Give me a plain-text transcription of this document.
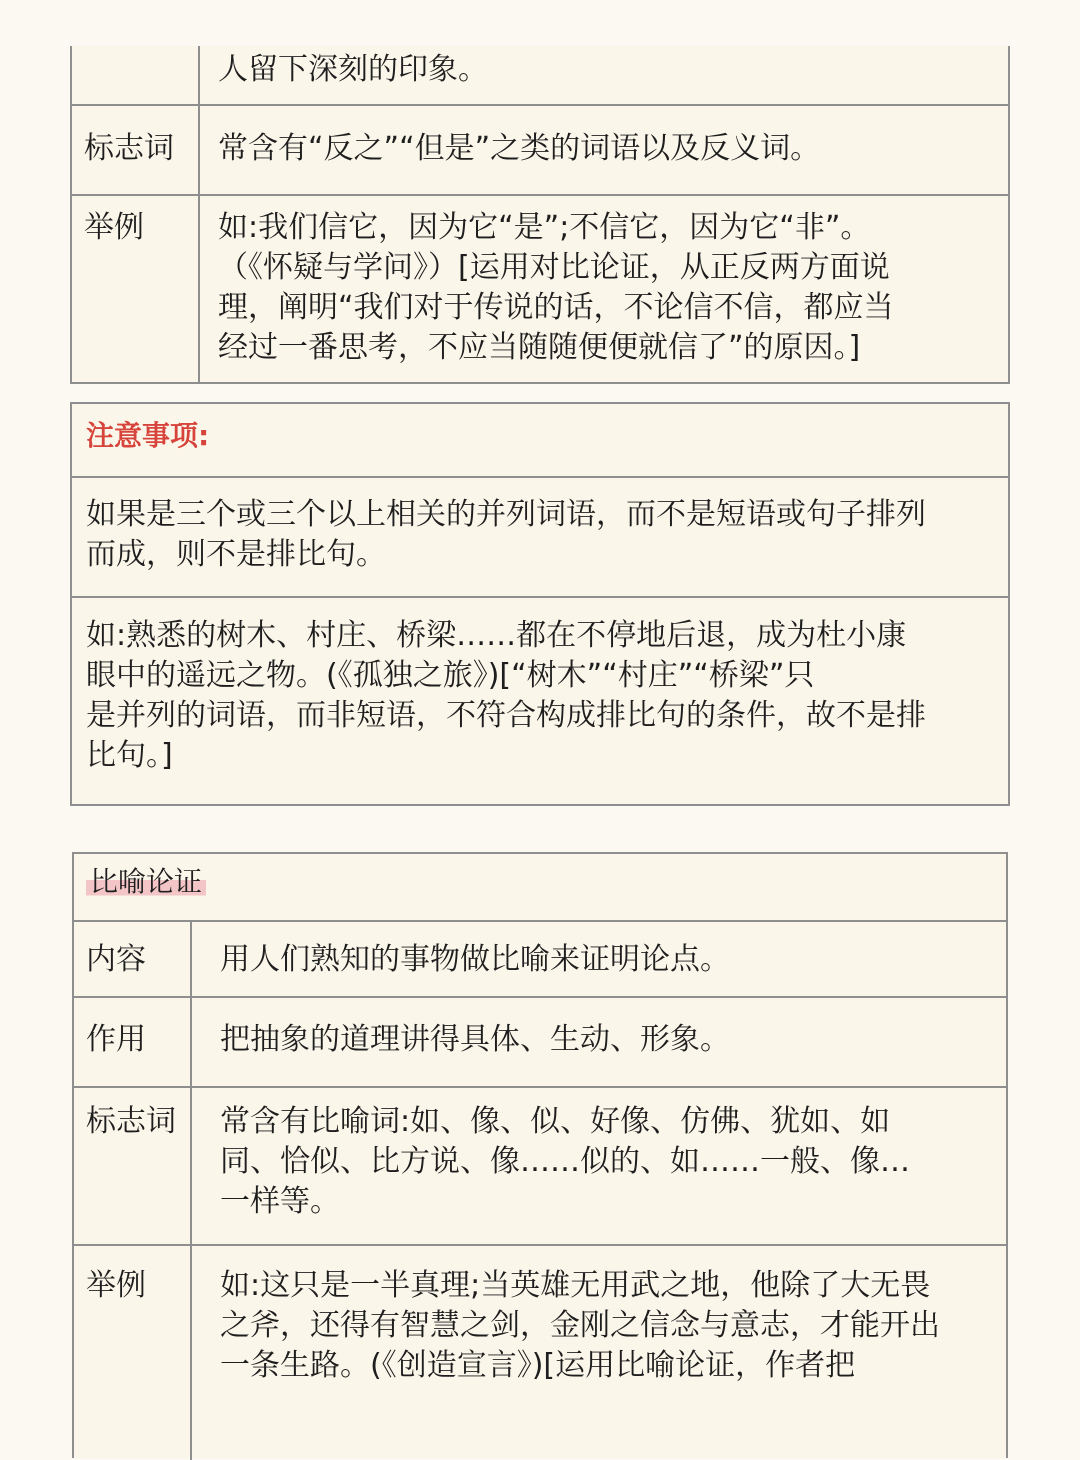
人留下深刻的印象。
标志词	常含有“反之”“但是”之类的词语以及反义词。
举例	如:我们信它，因为它“是”;不信它，因为它“非”。
（《怀疑与学问》）[运用对比论证，从正反两方面说
理，阐明“我们对于传说的话，不论信不信，都应当
经过一番思考，不应当随随便便就信了”的原因。]
注意事项:
如果是三个或三个以上相关的并列词语，而不是短语或句子排列
而成，则不是排比句。
如:熟悉的树木、村庄、桥梁……都在不停地后退，成为杜小康
眼中的遥远之物。(《孤独之旅》)[“树木”“村庄”“桥梁”只
是并列的词语，而非短语，不符合构成排比句的条件，故不是排
比句。]
比喻论证
内容	用人们熟知的事物做比喻来证明论点。
作用	把抽象的道理讲得具体、生动、形象。
标志词	常含有比喻词:如、像、似、好像、仿佛、犹如、如
同、恰似、比方说、像……似的、如……一般、像…
一样等。
举例	如:这只是一半真理;当英雄无用武之地，他除了大无畏
之斧，还得有智慧之剑，金刚之信念与意志，才能开出
一条生路。(《创造宣言》)[运用比喻论证，作者把
